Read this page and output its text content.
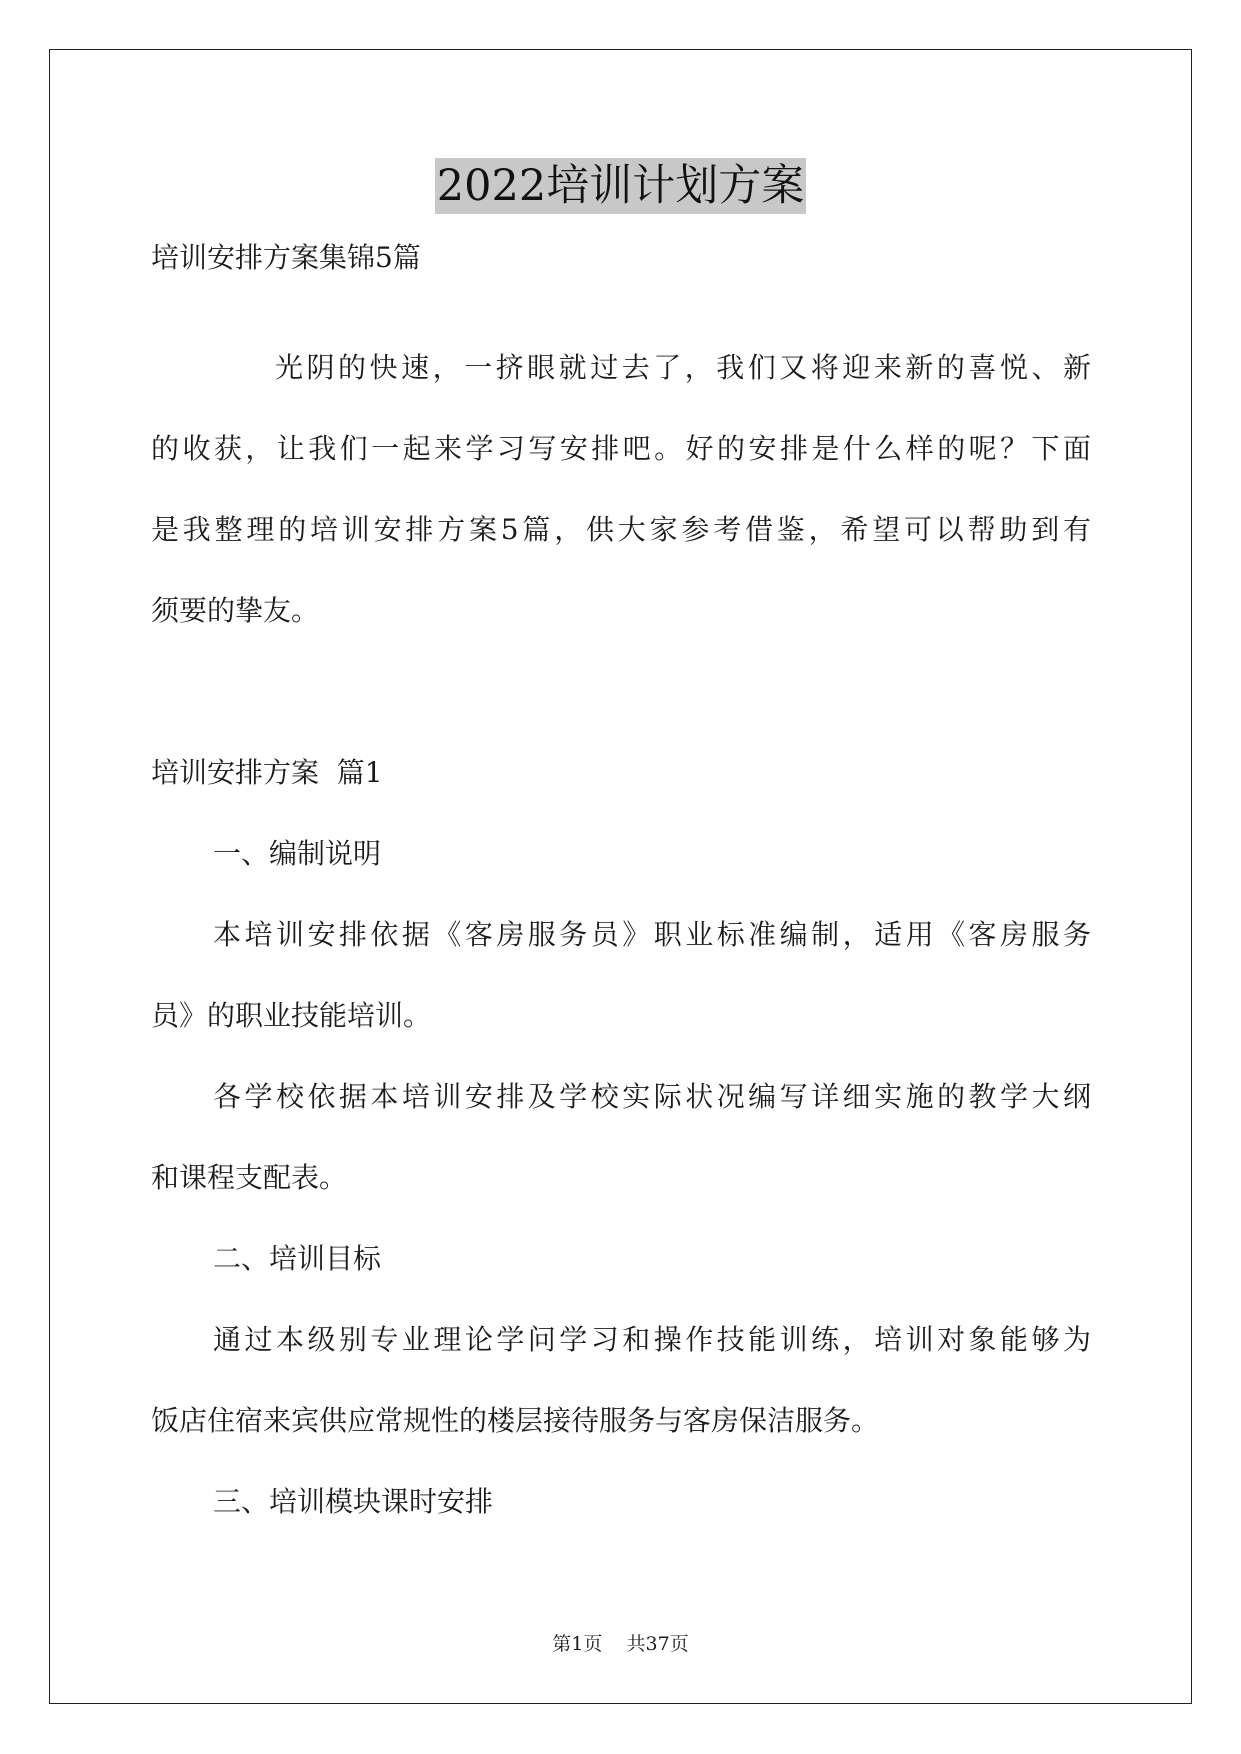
2022培训计划方案
培训安排方案集锦5篇
光阴的快速，一挤眼就过去了，我们又将迎来新的喜悦、新
的收获，让我们一起来学习写安排吧。好的安排是什么样的呢？下面
是我整理的培训安排方案5篇，供大家参考借鉴，希望可以帮助到有
须要的挚友。
培训安排方案  篇1
一、编制说明
本培训安排依据《客房服务员》职业标准编制，适用《客房服务
员》的职业技能培训。
各学校依据本培训安排及学校实际状况编写详细实施的教学大纲
和课程支配表。
二、培训目标
通过本级别专业理论学问学习和操作技能训练，培训对象能够为
饭店住宿来宾供应常规性的楼层接待服务与客房保洁服务。
三、培训模块课时安排
第1页 共37页
